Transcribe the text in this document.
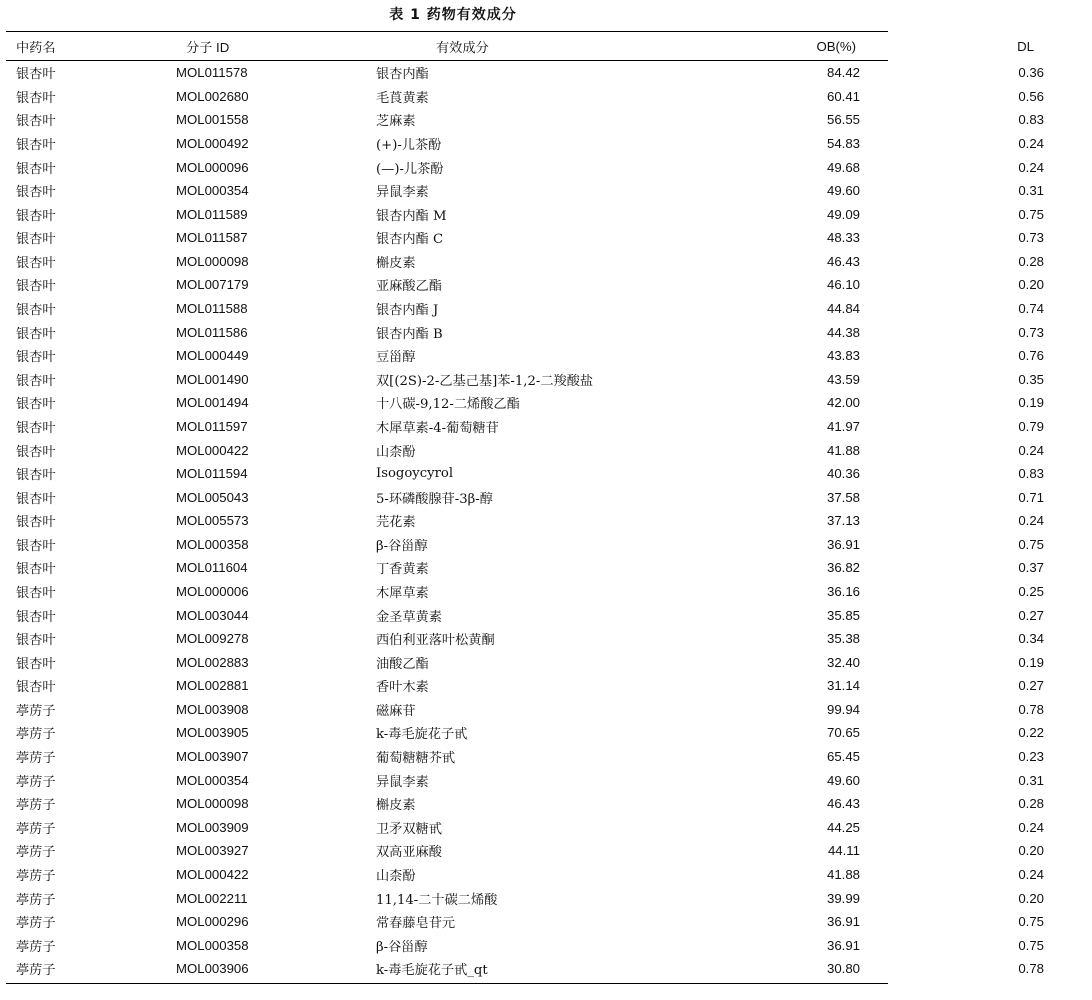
表 1 药物有效成分
中药名	分子 ID	有效成分	OB(%)	DL
银杏叶	MOL011578	银杏内酯	84.42	0.36
银杏叶	MOL002680	毛莨黄素	60.41	0.56
银杏叶	MOL001558	芝麻素	56.55	0.83
银杏叶	MOL000492	(+)-儿茶酚	54.83	0.24
银杏叶	MOL000096	(—)-儿茶酚	49.68	0.24
银杏叶	MOL000354	异鼠李素	49.60	0.31
银杏叶	MOL011589	银杏内酯 M	49.09	0.75
银杏叶	MOL011587	银杏内酯 C	48.33	0.73
银杏叶	MOL000098	槲皮素	46.43	0.28
银杏叶	MOL007179	亚麻酸乙酯	46.10	0.20
银杏叶	MOL011588	银杏内酯 J	44.84	0.74
银杏叶	MOL011586	银杏内酯 B	44.38	0.73
银杏叶	MOL000449	豆甾醇	43.83	0.76
银杏叶	MOL001490	双[(2S)-2-乙基己基]苯-1,2-二羧酸盐	43.59	0.35
银杏叶	MOL001494	十八碳-9,12-二烯酸乙酯	42.00	0.19
银杏叶	MOL011597	木犀草素-4-葡萄糖苷	41.97	0.79
银杏叶	MOL000422	山柰酚	41.88	0.24
银杏叶	MOL011594	Isogoycyrol	40.36	0.83
银杏叶	MOL005043	5-环磷酸腺苷-3β-醇	37.58	0.71
银杏叶	MOL005573	芫花素	37.13	0.24
银杏叶	MOL000358	β-谷甾醇	36.91	0.75
银杏叶	MOL011604	丁香黄素	36.82	0.37
银杏叶	MOL000006	木犀草素	36.16	0.25
银杏叶	MOL003044	金圣草黄素	35.85	0.27
银杏叶	MOL009278	西伯利亚落叶松黄酮	35.38	0.34
银杏叶	MOL002883	油酸乙酯	32.40	0.19
银杏叶	MOL002881	香叶木素	31.14	0.27
葶苈子	MOL003908	磁麻苷	99.94	0.78
葶苈子	MOL003905	k-毒毛旋花子甙	70.65	0.22
葶苈子	MOL003907	葡萄糖糖芥甙	65.45	0.23
葶苈子	MOL000354	异鼠李素	49.60	0.31
葶苈子	MOL000098	槲皮素	46.43	0.28
葶苈子	MOL003909	卫矛双糖甙	44.25	0.24
葶苈子	MOL003927	双高亚麻酸	44.11	0.20
葶苈子	MOL000422	山柰酚	41.88	0.24
葶苈子	MOL002211	11,14-二十碳二烯酸	39.99	0.20
葶苈子	MOL000296	常春藤皂苷元	36.91	0.75
葶苈子	MOL000358	β-谷甾醇	36.91	0.75
葶苈子	MOL003906	k-毒毛旋花子甙_qt	30.80	0.78
